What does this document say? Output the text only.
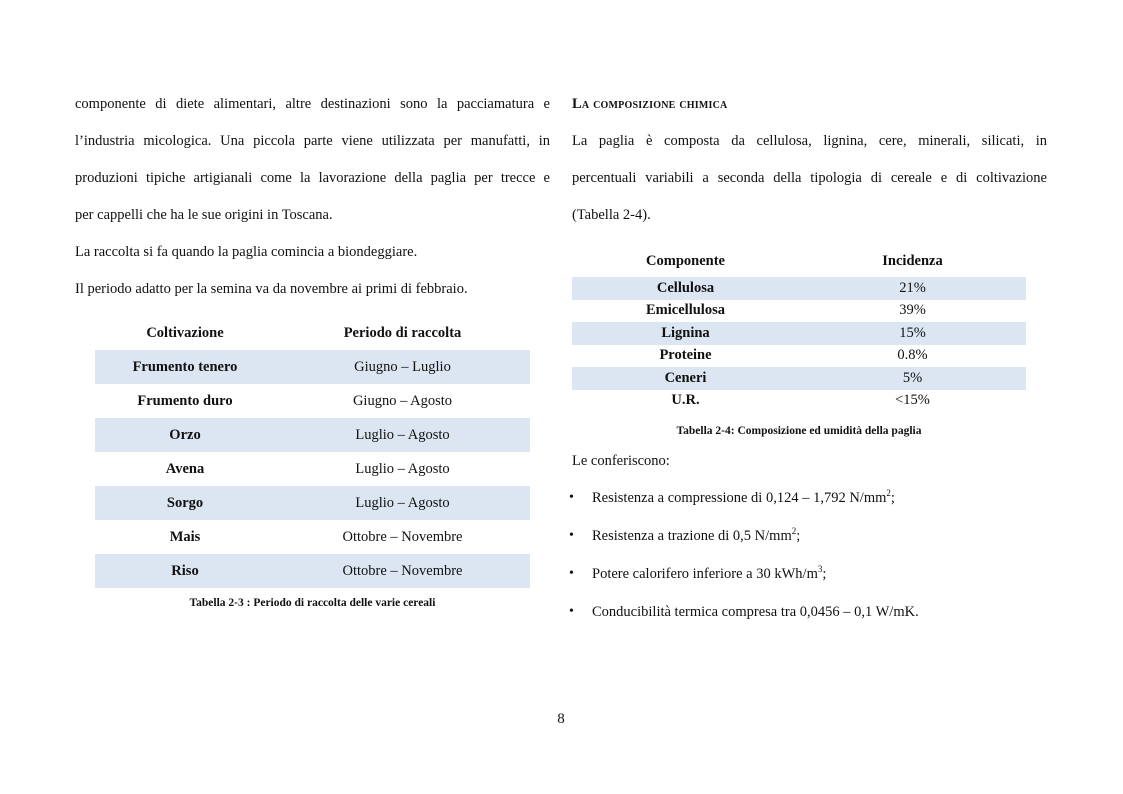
componente di diete alimentari, altre destinazioni sono la pacciamatura e

l’industria micologica. Una piccola parte viene utilizzata per manufatti, in

produzioni tipiche artigianali come la lavorazione della paglia per trecce e

per cappelli che ha le sue origini in Toscana.

La raccolta si fa quando la paglia comincia a biondeggiare.

Il periodo adatto per la semina va da novembre ai primi di febbraio.

Coltivazione	Periodo di raccolta
Frumento tenero	Giugno – Luglio
Frumento duro	Giugno – Agosto
Orzo	Luglio – Agosto
Avena	Luglio – Agosto
Sorgo	Luglio – Agosto
Mais	Ottobre – Novembre
Riso	Ottobre – Novembre
Tabella 2-3 : Periodo di raccolta delle varie cereali

La composizione chimica

La paglia è composta da cellulosa, lignina, cere, minerali, silicati, in

percentuali variabili a seconda della tipologia di cereale e di coltivazione

(Tabella 2-4).

Componente	Incidenza
Cellulosa	21%
Emicellulosa	39%
Lignina	15%
Proteine	0.8%
Ceneri	5%
U.R.	<15%
Tabella 2-4: Composizione ed umidità della paglia

Le conferiscono:

• Resistenza a compressione di 0,124 – 1,792 $N/mm^2$;
• Resistenza a trazione di 0,5 $N/mm^2$;
• Potere calorifero inferiore a 30 kWh/$m^3$;
• Conducibilità termica compresa tra 0,0456 – 0,1 W/mK.
8
